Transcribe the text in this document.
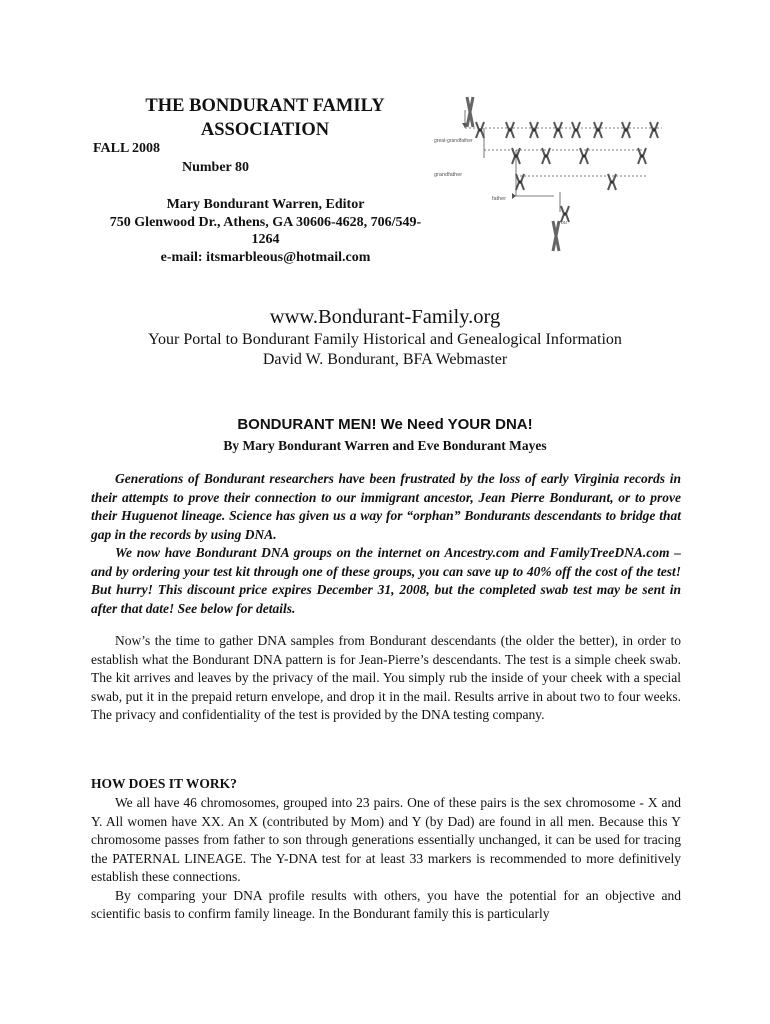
THE BONDURANT FAMILY
ASSOCIATION
FALL 2008
Number 80
Mary Bondurant Warren, Editor
750 Glenwood Dr., Athens, GA 30606-4628, 706/549-
1264
e-mail: itsmarbleous@hotmail.com
great-grandfather
grandfather
father
you
www.Bondurant-Family.org
Your Portal to Bondurant Family Historical and Genealogical Information
David W. Bondurant, BFA Webmaster
BONDURANT MEN! We Need YOUR DNA!
By Mary Bondurant Warren and Eve Bondurant Mayes

Generations of Bondurant researchers have been frustrated by the loss of early Virginia records in their attempts to prove their connection to our immigrant ancestor, Jean Pierre Bondurant, or to prove their Huguenot lineage. Science has given us a way for “orphan” Bondurants descendants to bridge that gap in the records by using DNA.

We now have Bondurant DNA groups on the internet on Ancestry.com and FamilyTreeDNA.com – and by ordering your test kit through one of these groups, you can save up to 40% off the cost of the test! But hurry! This discount price expires December 31, 2008, but the completed swab test may be sent in after that date! See below for details.

Now’s the time to gather DNA samples from Bondurant descendants (the older the better), in order to establish what the Bondurant DNA pattern is for Jean-Pierre’s descendants. The test is a simple cheek swab. The kit arrives and leaves by the privacy of the mail. You simply rub the inside of your cheek with a special swab, put it in the prepaid return envelope, and drop it in the mail. Results arrive in about two to four weeks. The privacy and confidentiality of the test is provided by the DNA testing company.

HOW DOES IT WORK?

We all have 46 chromosomes, grouped into 23 pairs. One of these pairs is the sex chromosome - X and Y. All women have XX. An X (contributed by Mom) and Y (by Dad) are found in all men. Because this Y chromosome passes from father to son through generations essentially unchanged, it can be used for tracing the PATERNAL LINEAGE. The Y-DNA test for at least 33 markers is recommended to more definitively establish these connections.

By comparing your DNA profile results with others, you have the potential for an objective and scientific basis to confirm family lineage. In the Bondurant family this is particularly
